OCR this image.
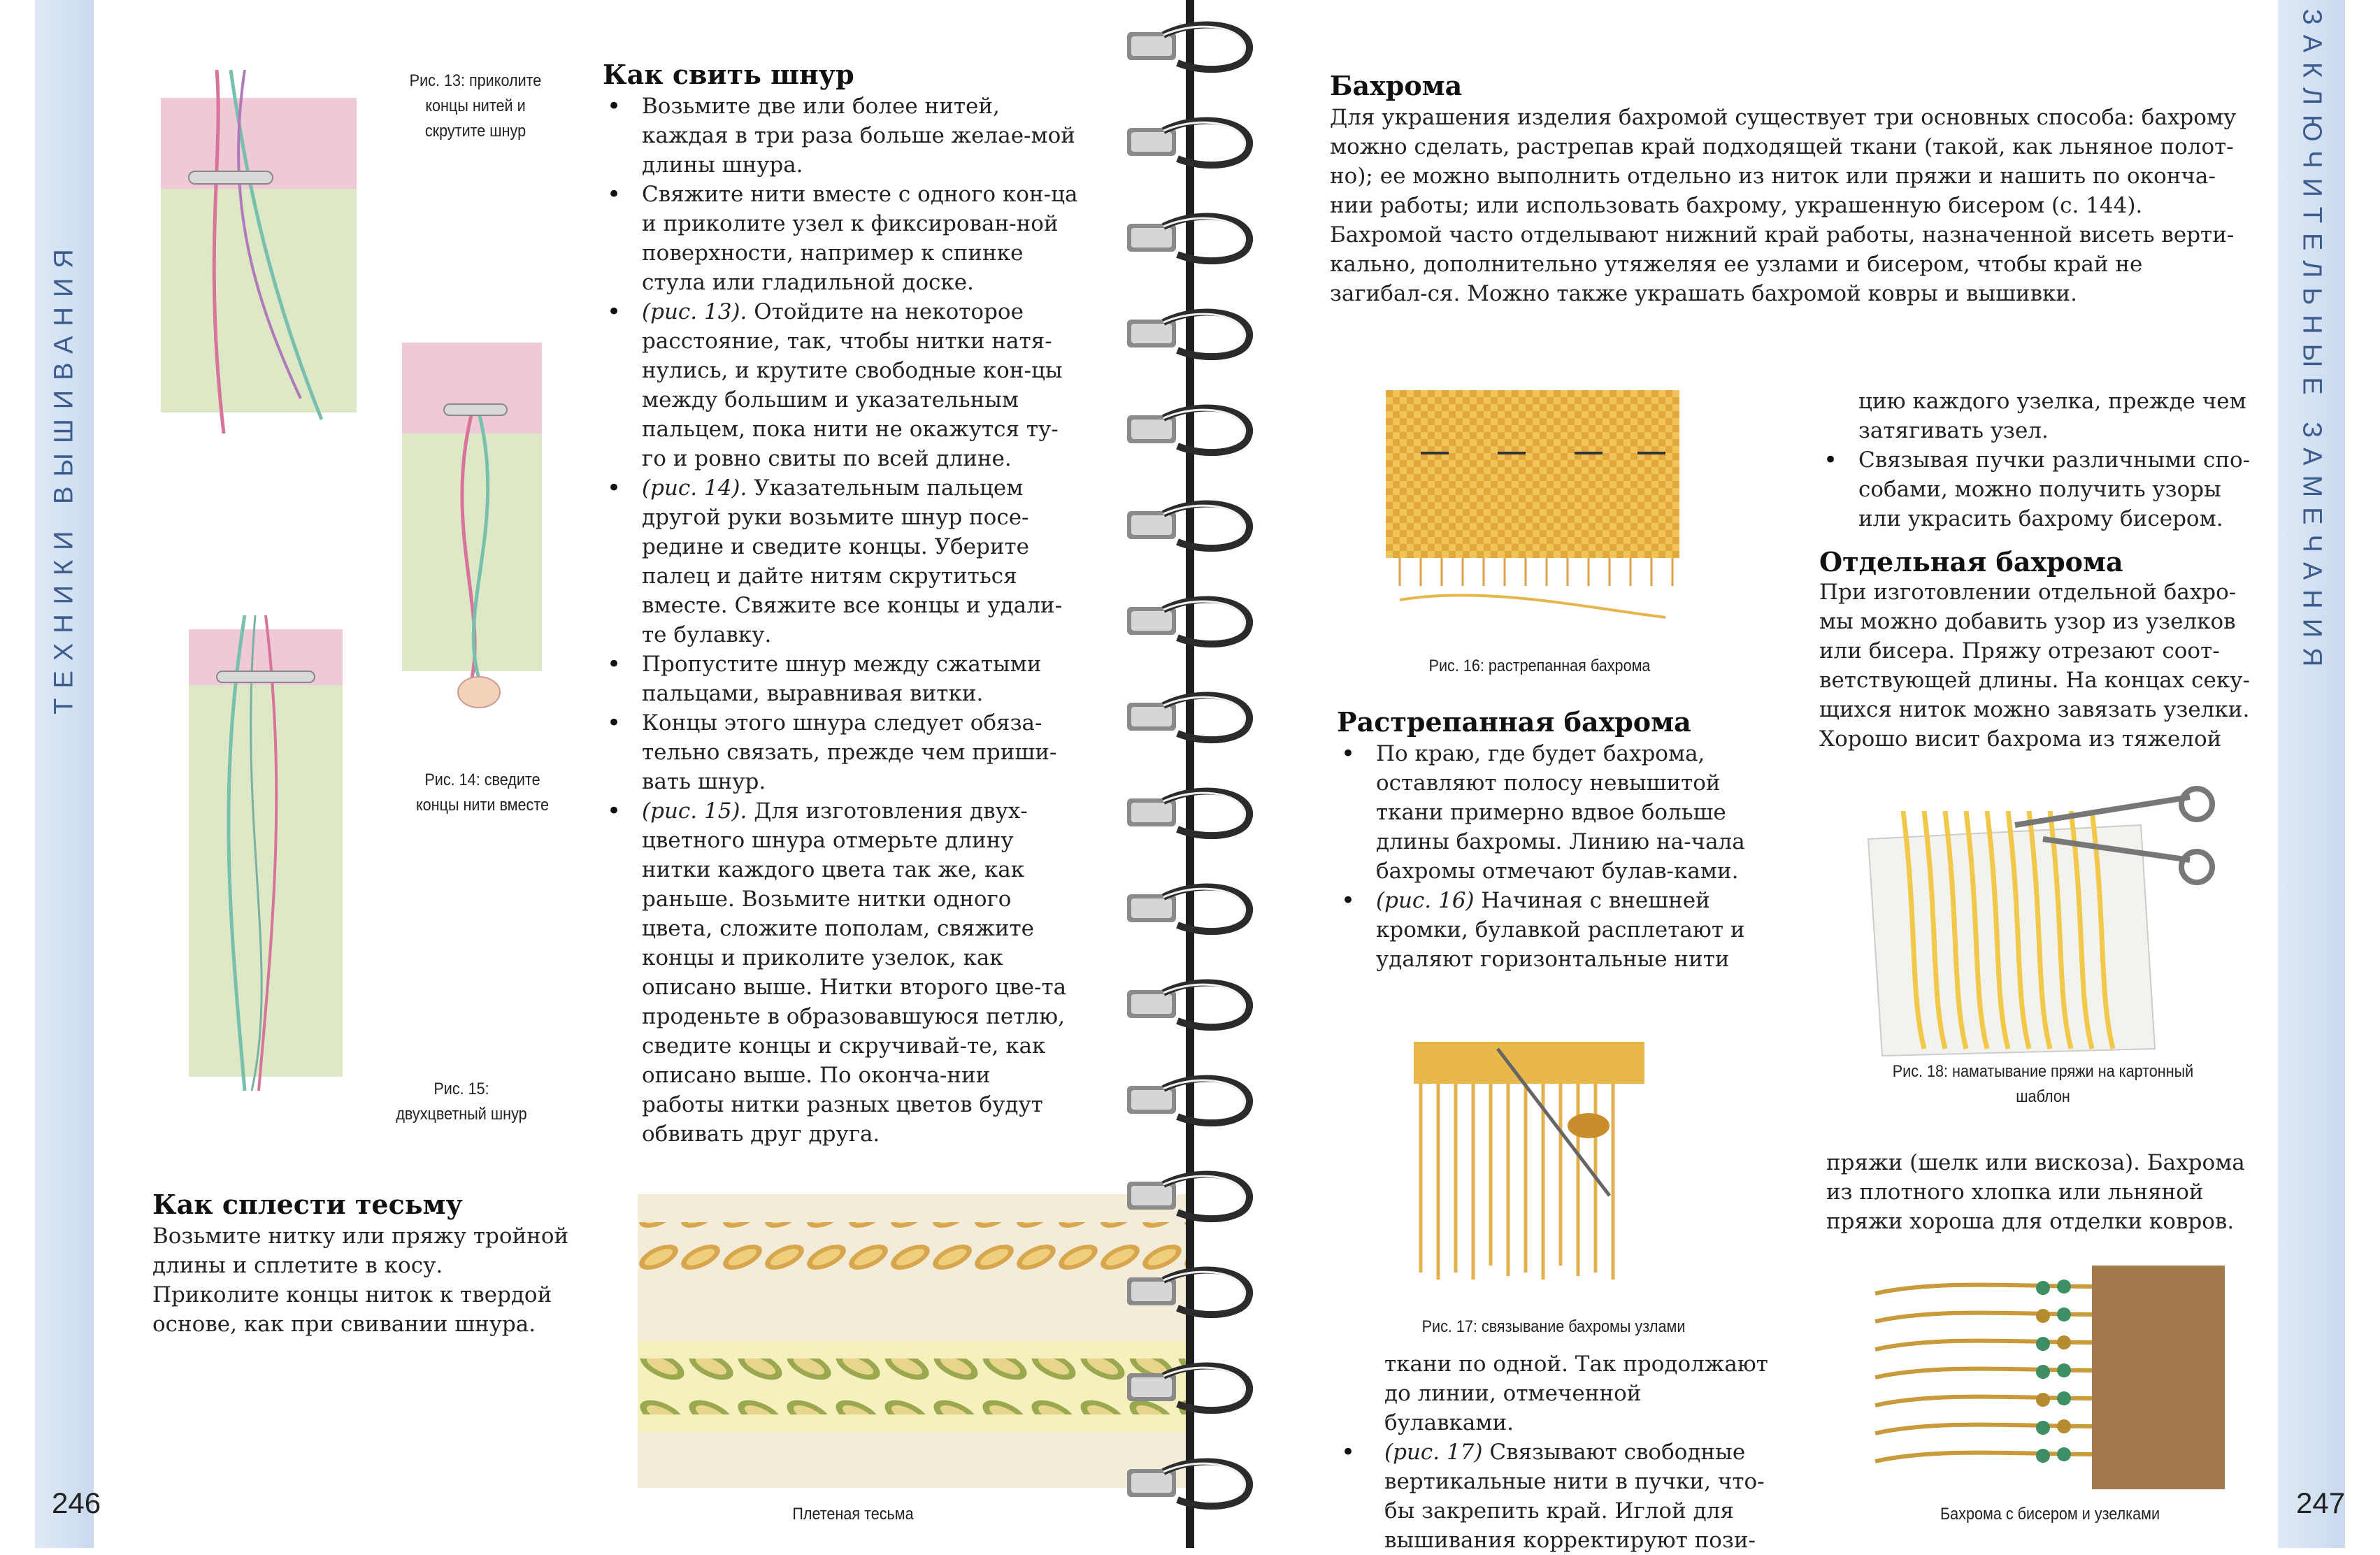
ТЕХНИКИ ВЫШИВАНИЯ
Рис. 13: приколите
концы нитей и
скрутите шнур
Рис. 14: сведите
концы нити вместе
Рис. 15:
двухцветный шнур
Как свить шнур
• Возьмите две или более нитей, каждая в три раза больше желае-мой длины шнура.
• Свяжите нити вместе с одного кон-ца и приколите узел к фиксирован-ной поверхности, например к спинке стула или гладильной доске.
• (рис. 13). Отойдите на некоторое расстояние, так, чтобы нитки натя-нулись, и крутите свободные кон-цы между большим и указательным пальцем, пока нити не окажутся ту-го и ровно свиты по всей длине.
• (рис. 14). Указательным пальцем другой руки возьмите шнур посе-редине и сведите концы. Уберите палец и дайте нитям скрутиться вместе. Свяжите все концы и удали-те булавку.
• Пропустите шнур между сжатыми пальцами, выравнивая витки.
• Концы этого шнура следует обяза-тельно связать, прежде чем приши-вать шнур.
• (рис. 15). Для изготовления двух-цветного шнура отмерьте длину нитки каждого цвета так же, как раньше. Возьмите нитки одного цвета, сложите пополам, свяжите концы и приколите узелок, как описано выше. Нитки второго цве-та проденьте в образовавшуюся петлю, сведите концы и скручивай-те, как описано выше. По оконча-нии работы нитки разных цветов будут обвивать друг друга.
Как сплести тесьму

Возьмите нитку или пряжу тройной длины и сплетите в косу. Приколите концы ниток к твердой основе, как при свивании шнура.

Плетеная тесьма
246
ЗАКЛЮЧИТЕЛЬНЫЕ ЗАМЕЧАНИЯ
Бахрома

Для украшения изделия бахромой существует три основных способа: бахрому можно сделать, растрепав край подходящей ткани (такой, как льняное полот-но); ее можно выполнить отдельно из ниток или пряжи и нашить по оконча-нии работы; или использовать бахрому, украшенную бисером (с. 144). Бахромой часто отделывают нижний край работы, назначенной висеть верти-кально, дополнительно утяжеляя ее узлами и бисером, чтобы край не загибал-ся. Можно также украшать бахромой ковры и вышивки.

Рис. 16: растрепанная бахрома
Растрепанная бахрома
• По краю, где будет бахрома, оставляют полосу невышитой ткани примерно вдвое больше длины бахромы. Линию на-чала бахромы отмечают булав-ками.
• (рис. 16) Начиная с внешней кромки, булавкой расплетают и удаляют горизонтальные нити
Рис. 17: связывание бахромы узлами

ткани по одной. Так продолжают до линии, отмеченной булавками.

• (рис. 17) Связывают свободные вертикальные нити в пучки, что-бы закрепить край. Иглой для вышивания корректируют пози-

цию каждого узелка, прежде чем затягивать узел.

• Связывая пучки различными спо-собами, можно получить узоры или украсить бахрому бисером.
Отдельная бахрома

При изготовлении отдельной бахро-мы можно добавить узор из узелков или бисера. Пряжу отрезают соот-ветствующей длины. На концах секу-щихся ниток можно завязать узелки. Хорошо висит бахрома из тяжелой

Рис. 18: наматывание пряжи на картонный
шаблон

пряжи (шелк или вискоза). Бахрома из плотного хлопка или льняной пряжи хороша для отделки ковров.

Бахрома с бисером и узелками	247
